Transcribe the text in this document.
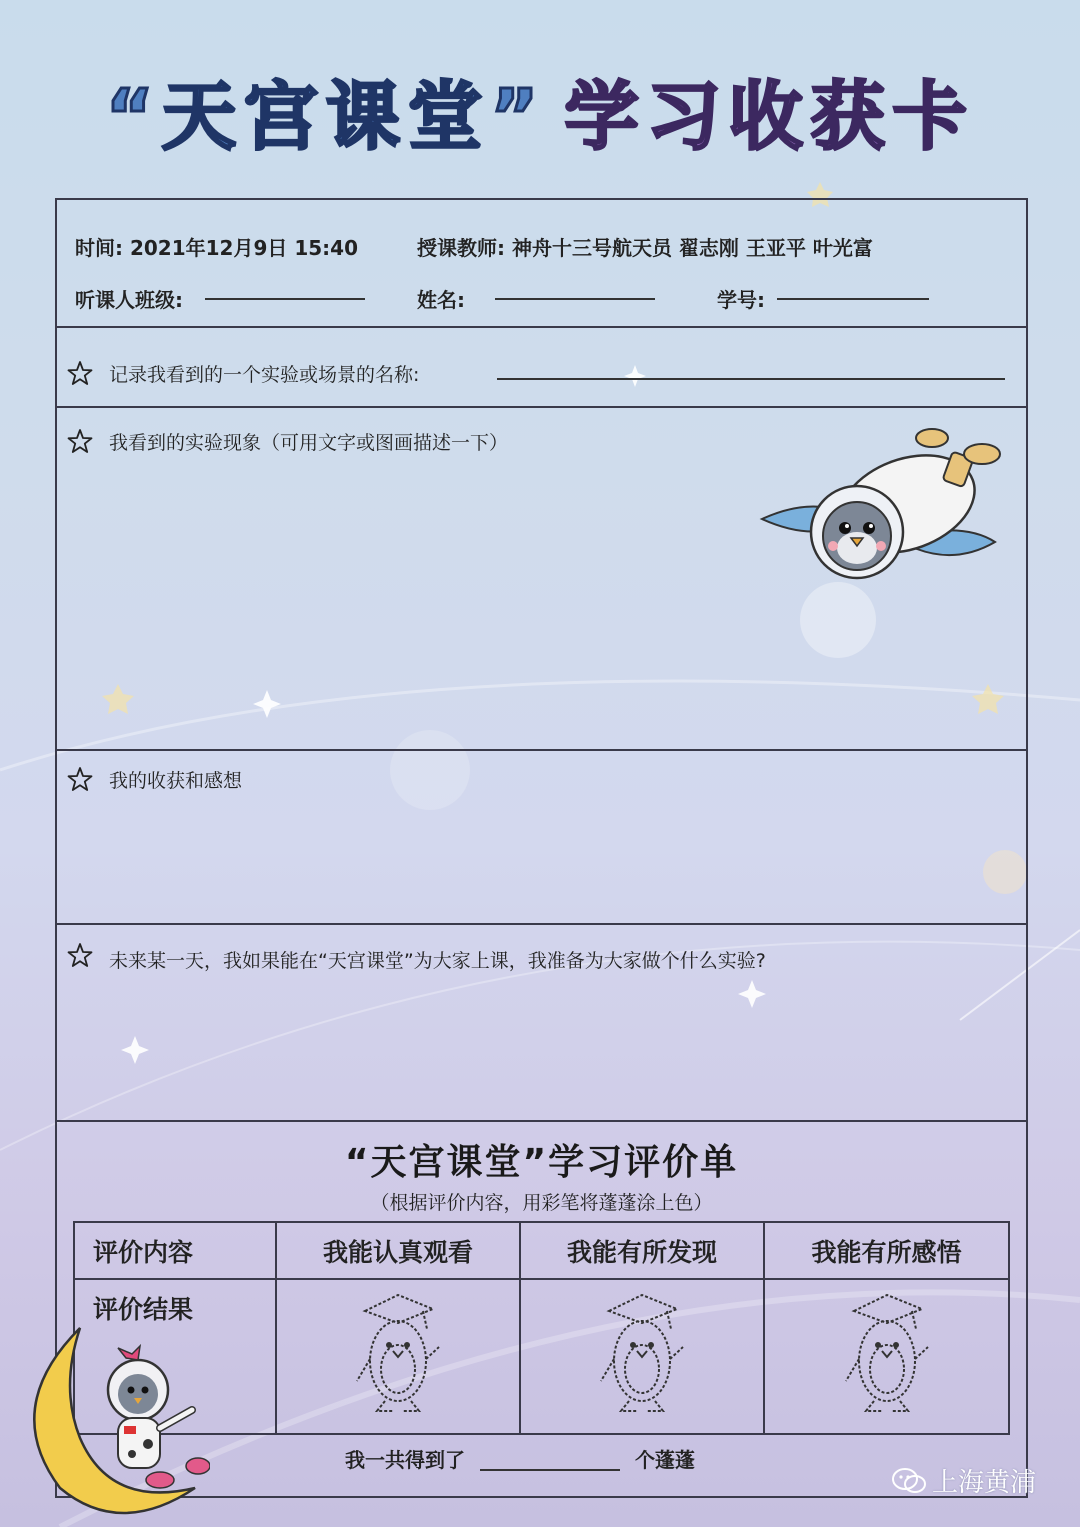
“天宫课堂” 学习收获卡
时间: 2021年12月9日 15:40	授课教师: 神舟十三号航天员 翟志刚 王亚平 叶光富
听课人班级:	姓名:	学号:
记录我看到的一个实验或场景的名称:
我看到的实验现象（可用文字或图画描述一下）
我的收获和感想
未来某一天，我如果能在“天宫课堂”为大家上课，我准备为大家做个什么实验?
“天宫课堂”学习评价单
（根据评价内容，用彩笔将蓬蓬涂上色）
评价内容	我能认真观看	我能有所发现	我能有所感悟
评价结果			
我一共得到了	个蓬蓬
上海黄浦
